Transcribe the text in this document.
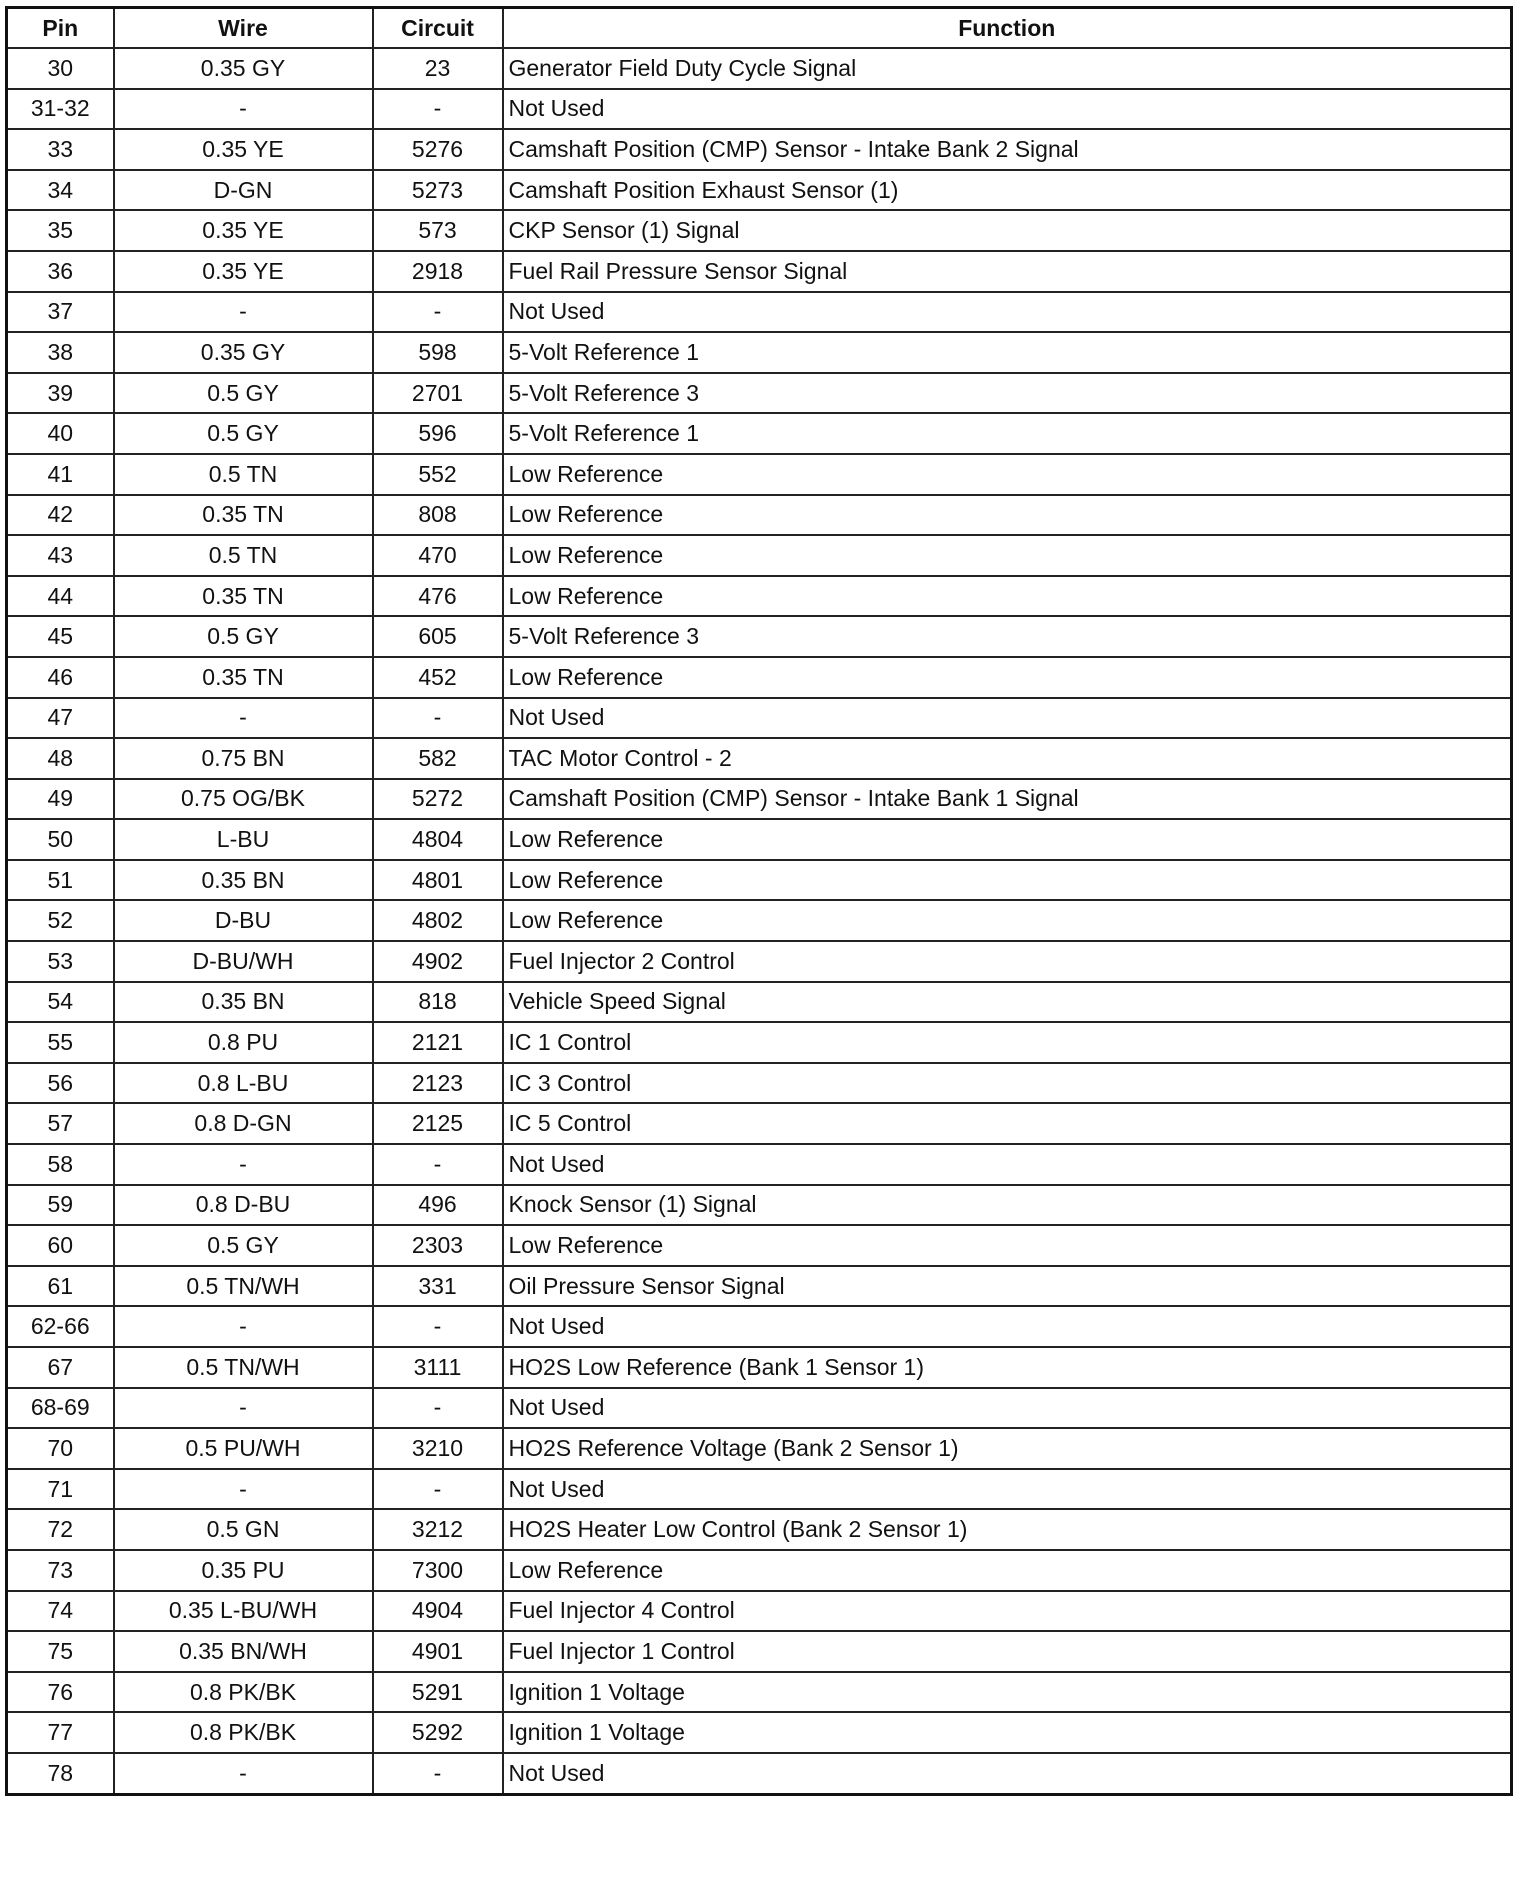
Pin	Wire	Circuit	Function
30	0.35 GY	23	Generator Field Duty Cycle Signal
31-32	-	-	Not Used
33	0.35 YE	5276	Camshaft Position (CMP) Sensor - Intake Bank 2 Signal
34	D-GN	5273	Camshaft Position Exhaust Sensor (1)
35	0.35 YE	573	CKP Sensor (1) Signal
36	0.35 YE	2918	Fuel Rail Pressure Sensor Signal
37	-	-	Not Used
38	0.35 GY	598	5-Volt Reference 1
39	0.5 GY	2701	5-Volt Reference 3
40	0.5 GY	596	5-Volt Reference 1
41	0.5 TN	552	Low Reference
42	0.35 TN	808	Low Reference
43	0.5 TN	470	Low Reference
44	0.35 TN	476	Low Reference
45	0.5 GY	605	5-Volt Reference 3
46	0.35 TN	452	Low Reference
47	-	-	Not Used
48	0.75 BN	582	TAC Motor Control - 2
49	0.75 OG/BK	5272	Camshaft Position (CMP) Sensor - Intake Bank 1 Signal
50	L-BU	4804	Low Reference
51	0.35 BN	4801	Low Reference
52	D-BU	4802	Low Reference
53	D-BU/WH	4902	Fuel Injector 2 Control
54	0.35 BN	818	Vehicle Speed Signal
55	0.8 PU	2121	IC 1 Control
56	0.8 L-BU	2123	IC 3 Control
57	0.8 D-GN	2125	IC 5 Control
58	-	-	Not Used
59	0.8 D-BU	496	Knock Sensor (1) Signal
60	0.5 GY	2303	Low Reference
61	0.5 TN/WH	331	Oil Pressure Sensor Signal
62-66	-	-	Not Used
67	0.5 TN/WH	3111	HO2S Low Reference (Bank 1 Sensor 1)
68-69	-	-	Not Used
70	0.5 PU/WH	3210	HO2S Reference Voltage (Bank 2 Sensor 1)
71	-	-	Not Used
72	0.5 GN	3212	HO2S Heater Low Control (Bank 2 Sensor 1)
73	0.35 PU	7300	Low Reference
74	0.35 L-BU/WH	4904	Fuel Injector 4 Control
75	0.35 BN/WH	4901	Fuel Injector 1 Control
76	0.8 PK/BK	5291	Ignition 1 Voltage
77	0.8 PK/BK	5292	Ignition 1 Voltage
78	-	-	Not Used
